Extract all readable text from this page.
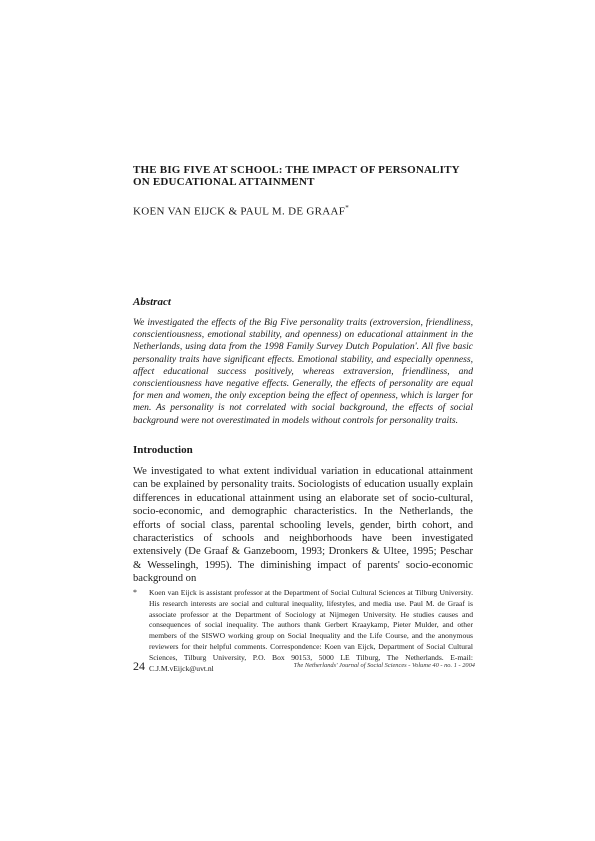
THE BIG FIVE AT SCHOOL: THE IMPACT OF PERSONALITY ON EDUCATIONAL ATTAINMENT
KOEN VAN EIJCK & PAUL M. DE GRAAF*
Abstract
We investigated the effects of the Big Five personality traits (extroversion, friendliness, conscientiousness, emotional stability, and openness) on educational attainment in the Netherlands, using data from the 1998 Family Survey Dutch Population'. All five basic personality traits have significant effects. Emotional stability, and especially openness, affect educational success positively, whereas extraversion, friendliness, and conscientiousness have negative effects. Generally, the effects of personality are equal for men and women, the only exception being the effect of openness, which is larger for men. As personality is not correlated with social background, the effects of social background were not overestimated in models without controls for personality traits.
Introduction
We investigated to what extent individual variation in educational attainment can be explained by personality traits. Sociologists of education usually explain differences in educational attainment using an elaborate set of socio-cultural, socio-economic, and demographic characteristics. In the Netherlands, the efforts of social class, parental schooling levels, gender, birth cohort, and characteristics of schools and neighborhoods have been investigated extensively (De Graaf & Ganzeboom, 1993; Dronkers & Ultee, 1995; Peschar & Wesselingh, 1995). The diminishing impact of parents' socio-economic background on
*	Koen van Eijck is assistant professor at the Department of Social Cultural Sciences at Tilburg University. His research interests are social and cultural inequality, lifestyles, and media use. Paul M. de Graaf is associate professor at the Department of Sociology at Nijmegen University. He studies causes and consequences of social inequality. The authors thank Gerbert Kraaykamp, Pieter Mulder, and other members of the SISWO working group on Social Inequality and the Life Course, and the anonymous reviewers for their helpful comments. Correspondence: Koen van Eijck, Department of Social Cultural Sciences, Tilburg University, P.O. Box 90153, 5000 LE Tilburg, The Netherlands. E-mail: C.J.M.vEijck@uvt.nl
24	The Netherlands' Journal of Social Sciences - Volume 40 - no. 1 - 2004
